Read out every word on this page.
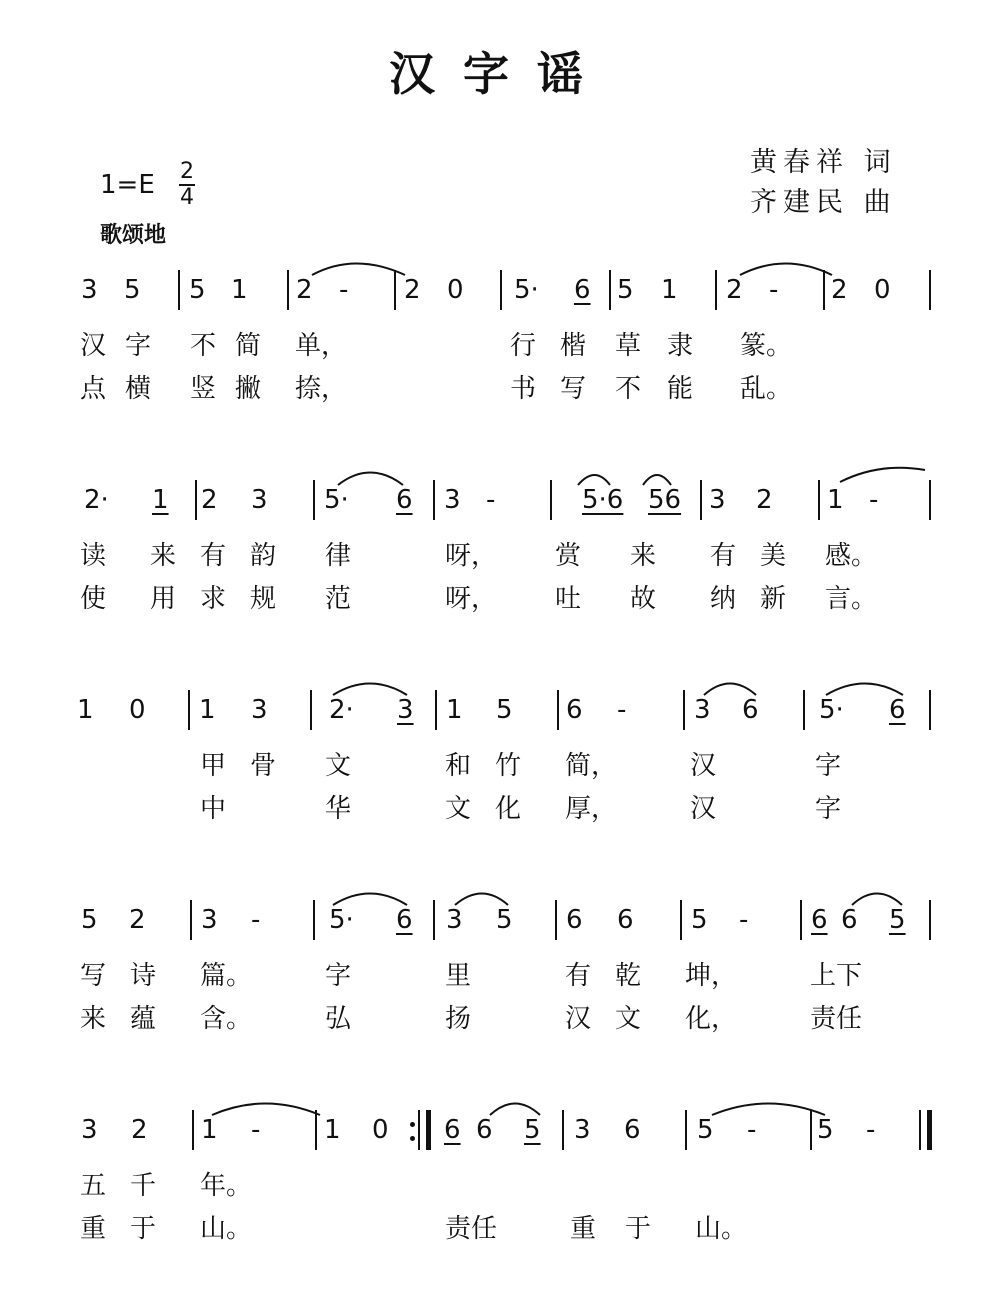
汉字谣
黄春祥 词
齐建民 曲
1=E 2
4
歌颂地
3 5 5 1 2 - 2 0 5· 6 5 1 2 - 2 0
汉 字 不 简 单，	行 楷 草 隶 篆。
点 横 竖 撇 捺，	书 写 不 能 乱。
2· 1 2 3 5· 6 3 -	5·6 56 3 2 1 -
读 来 有 韵 律	呀， 赏 来 有 美 感。
使 用 求 规 范	呀， 吐 故 纳 新 言。
1 0 1 3 2· 3 1 5 6 -	3 6 5· 6
甲 骨 文	和 竹 简，	汉	字
中	华	文 化 厚，	汉	字
5 2 3 -	5· 6 3 5 6 6 5 - 6 6 5
写 诗 篇。	字	里	有 乾 坤，	上下
来 蕴 含。	弘	扬	汉 文 化，	责任
3 2 1 - 1 0 6 6 5 3 6 5 - 5 -
五 千 年。
重 于 山。	责任	重 于 山。
